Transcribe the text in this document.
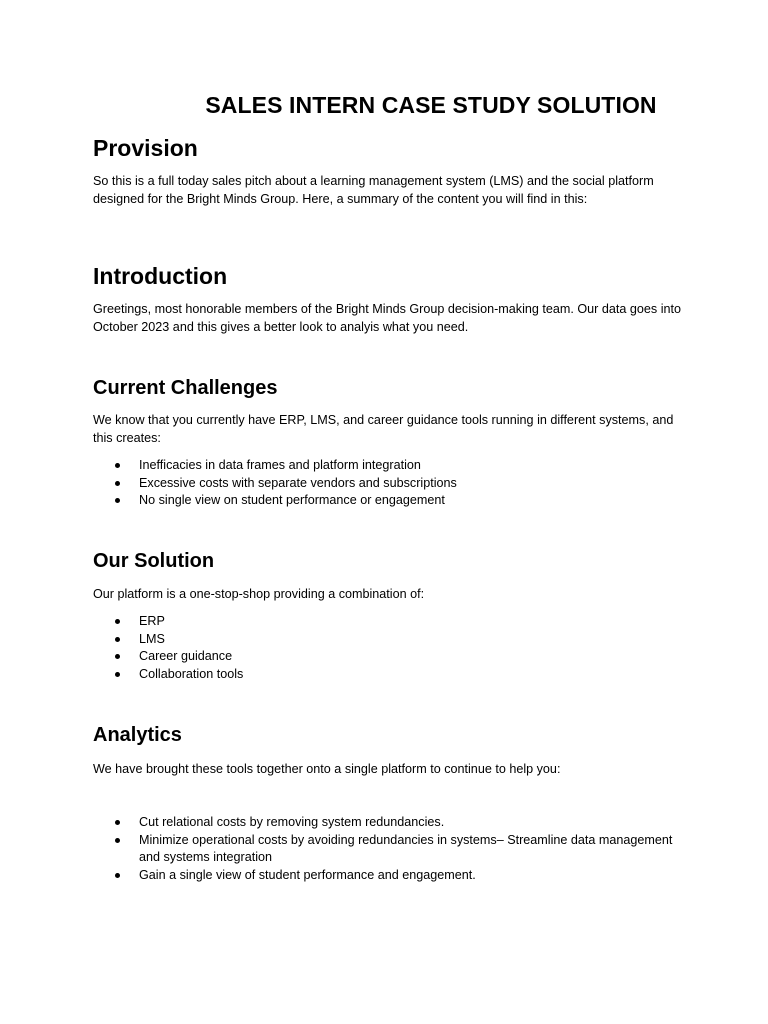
SALES INTERN CASE STUDY SOLUTION
Provision

So this is a full today sales pitch about a learning management system (LMS) and the social platform designed for the Bright Minds Group. Here, a summary of the content you will find in this:

Introduction

Greetings, most honorable members of the Bright Minds Group decision-making team. Our data goes into October 2023 and this gives a better look to analyis what you need.

Current Challenges

We know that you currently have ERP, LMS, and career guidance tools running in different systems, and this creates:

Inefficacies in data frames and platform integration
Excessive costs with separate vendors and subscriptions
No single view on student performance or engagement
Our Solution

Our platform is a one-stop-shop providing a combination of:

ERP
LMS
Career guidance
Collaboration tools
Analytics

We have brought these tools together onto a single platform to continue to help you:

Cut relational costs by removing system redundancies.
Minimize operational costs by avoiding redundancies in systems– Streamline data management and systems integration
Gain a single view of student performance and engagement.
